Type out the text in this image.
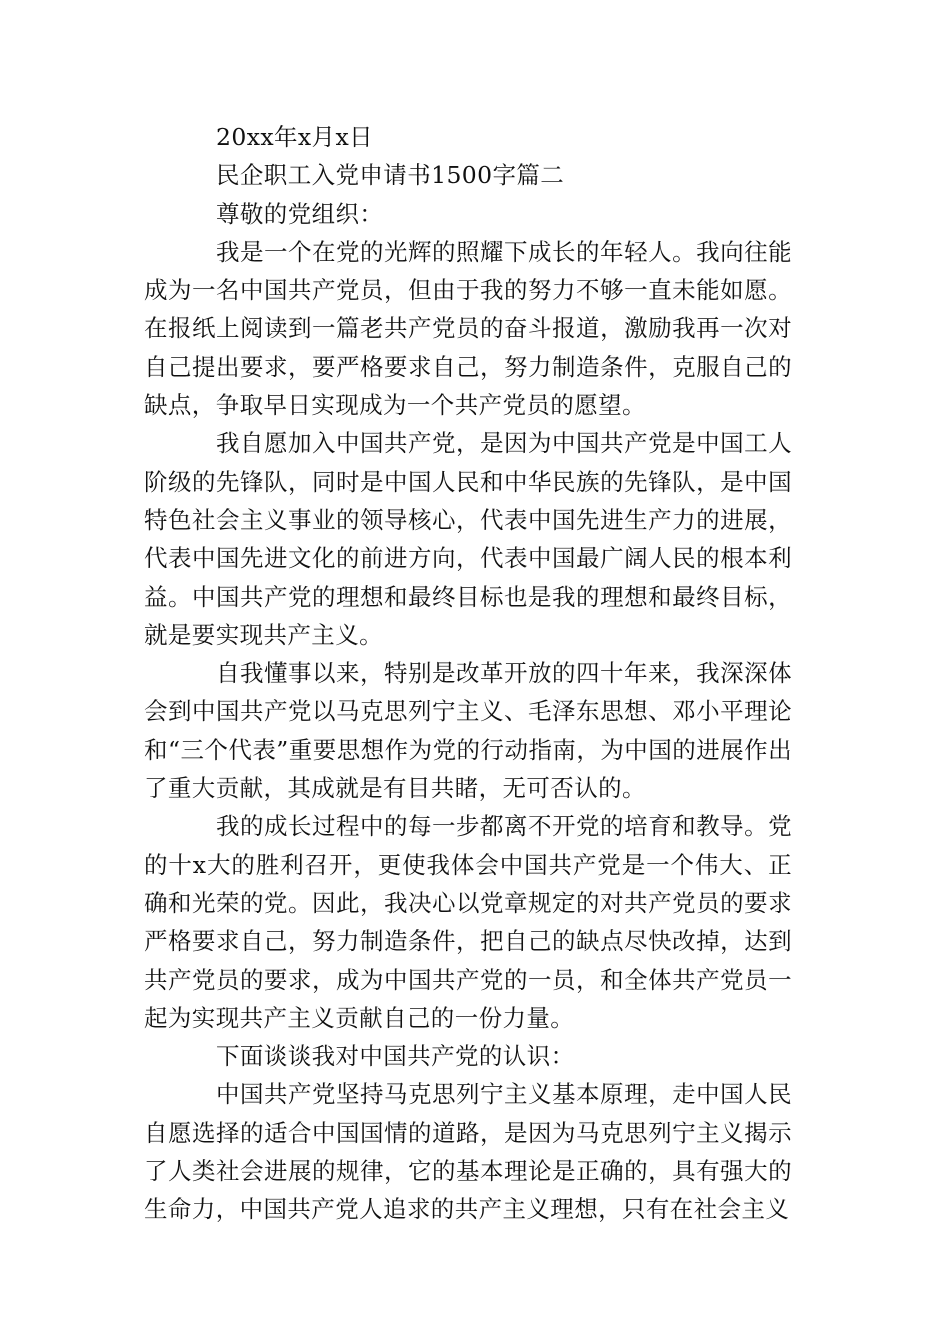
20xx年x月x日

民企职工入党申请书1500字篇二

尊敬的党组织：

我是一个在党的光辉的照耀下成长的年轻人。我向往能成为一名中国共产党员，但由于我的努力不够一直未能如愿。在报纸上阅读到一篇老共产党员的奋斗报道，激励我再一次对自己提出要求，要严格要求自己，努力制造条件，克服自己的缺点，争取早日实现成为一个共产党员的愿望。

我自愿加入中国共产党，是因为中国共产党是中国工人阶级的先锋队，同时是中国人民和中华民族的先锋队，是中国特色社会主义事业的领导核心，代表中国先进生产力的进展，代表中国先进文化的前进方向，代表中国最广阔人民的根本利益。中国共产党的理想和最终目标也是我的理想和最终目标，就是要实现共产主义。

自我懂事以来，特别是改革开放的四十年来，我深深体会到中国共产党以马克思列宁主义、毛泽东思想、邓小平理论和“三个代表”重要思想作为党的行动指南，为中国的进展作出了重大贡献，其成就是有目共睹，无可否认的。

我的成长过程中的每一步都离不开党的培育和教导。党的十x大的胜利召开，更使我体会中国共产党是一个伟大、正确和光荣的党。因此，我决心以党章规定的对共产党员的要求严格要求自己，努力制造条件，把自己的缺点尽快改掉，达到共产党员的要求，成为中国共产党的一员，和全体共产党员一起为实现共产主义贡献自己的一份力量。

下面谈谈我对中国共产党的认识：

中国共产党坚持马克思列宁主义基本原理，走中国人民自愿选择的适合中国国情的道路，是因为马克思列宁主义揭示了人类社会进展的规律，它的基本理论是正确的，具有强大的生命力，中国共产党人追求的共产主义理想，只有在社会主义
